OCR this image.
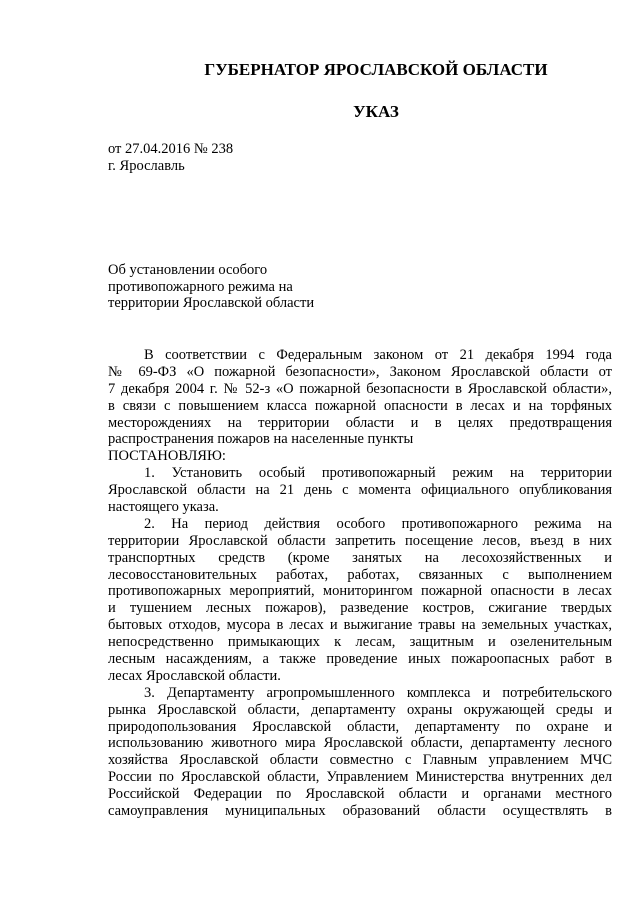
ГУБЕРНАТОР ЯРОСЛАВСКОЙ ОБЛАСТИ
УКАЗ
от 27.04.2016 № 238
г. Ярославль
Об установлении особого
противопожарного режима на
территории Ярославской области
В соответствии с Федеральным законом от 21 декабря 1994 года
№ 69-ФЗ «О пожарной безопасности», Законом Ярославской области от
7 декабря 2004 г. № 52-з «О пожарной безопасности в Ярославской области»,
в связи с повышением класса пожарной опасности в лесах и на торфяных
месторождениях на территории области и в целях предотвращения
распространения пожаров на населенные пункты
ПОСТАНОВЛЯЮ:
1. Установить особый противопожарный режим на территории
Ярославской области на 21 день с момента официального опубликования
настоящего указа.
2. На период действия особого противопожарного режима на
территории Ярославской области запретить посещение лесов, въезд в них
транспортных средств (кроме занятых на лесохозяйственных и
лесовосстановительных работах, работах, связанных с выполнением
противопожарных мероприятий, мониторингом пожарной опасности в лесах
и тушением лесных пожаров), разведение костров, сжигание твердых
бытовых отходов, мусора в лесах и выжигание травы на земельных участках,
непосредственно примыкающих к лесам, защитным и озеленительным
лесным насаждениям, а также проведение иных пожароопасных работ в
лесах Ярославской области.
3. Департаменту агропромышленного комплекса и потребительского
рынка Ярославской области, департаменту охраны окружающей среды и
природопользования Ярославской области, департаменту по охране и
использованию животного мира Ярославской области, департаменту лесного
хозяйства Ярославской области совместно с Главным управлением МЧС
России по Ярославской области, Управлением Министерства внутренних дел
Российской Федерации по Ярославской области и органами местного
самоуправления муниципальных образований области осуществлять в
